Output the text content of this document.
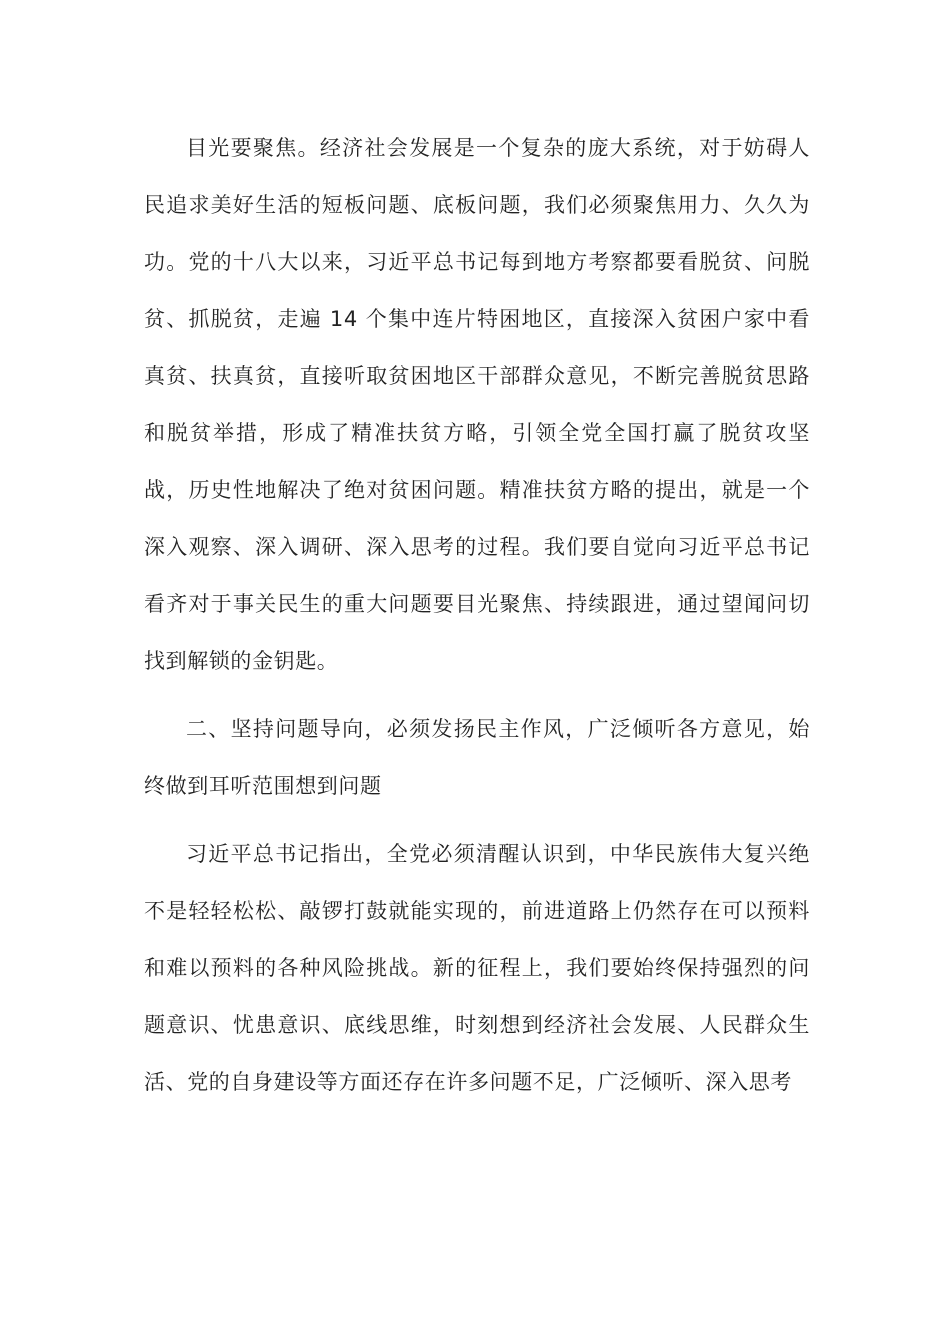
目光要聚焦。经济社会发展是一个复杂的庞大系统，对于妨碍人民追求美好生活的短板问题、底板问题，我们必须聚焦用力、久久为功。党的十八大以来，习近平总书记每到地方考察都要看脱贫、问脱贫、抓脱贫，走遍 14 个集中连片特困地区，直接深入贫困户家中看真贫、扶真贫，直接听取贫困地区干部群众意见，不断完善脱贫思路和脱贫举措，形成了精准扶贫方略，引领全党全国打赢了脱贫攻坚战，历史性地解决了绝对贫困问题。精准扶贫方略的提出，就是一个深入观察、深入调研、深入思考的过程。我们要自觉向习近平总书记看齐对于事关民生的重大问题要目光聚焦、持续跟进，通过望闻问切找到解锁的金钥匙。

二、坚持问题导向，必须发扬民主作风，广泛倾听各方意见，始终做到耳听范围想到问题

习近平总书记指出，全党必须清醒认识到，中华民族伟大复兴绝不是轻轻松松、敲锣打鼓就能实现的，前进道路上仍然存在可以预料和难以预料的各种风险挑战。新的征程上，我们要始终保持强烈的问题意识、忧患意识、底线思维，时刻想到经济社会发展、人民群众生活、党的自身建设等方面还存在许多问题不足，广泛倾听、深入思考
